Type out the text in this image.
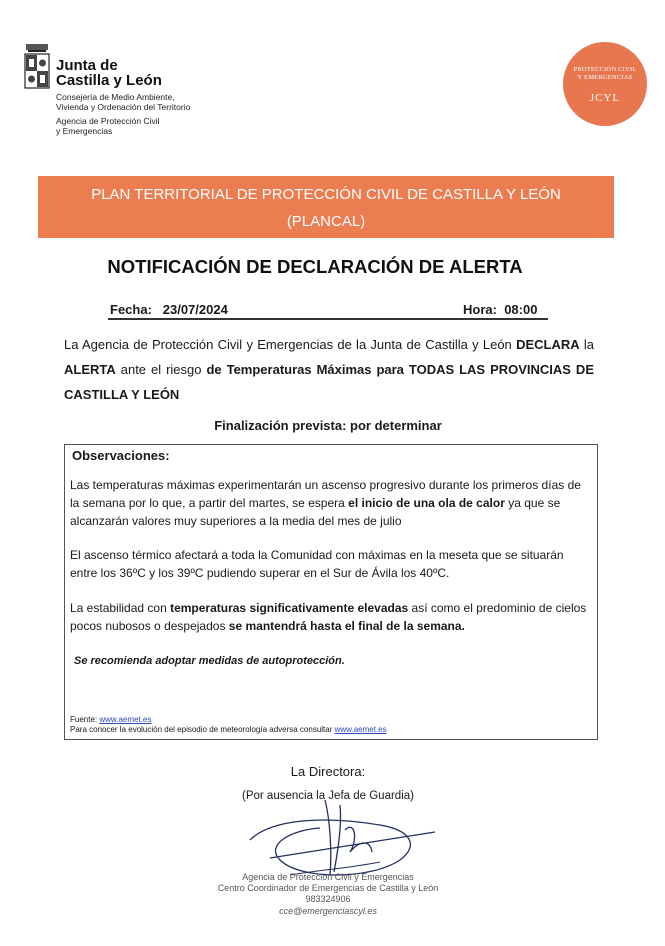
Junta de
Castilla y León
Consejería de Medio Ambiente,
Vivienda y Ordenación del Territorio
Agencia de Protección Civil
y Emergencias
PROTECCIÓN CIVIL
Y EMERGENCIAS
JCYL
PLAN TERRITORIAL DE PROTECCIÓN CIVIL DE CASTILLA Y LEÓN
(PLANCAL)
NOTIFICACIÓN DE DECLARACIÓN DE ALERTA
Fecha: 23/07/2024	Hora: 08:00
La Agencia de Protección Civil y Emergencias de la Junta de Castilla y León DECLARA la ALERTA ante el riesgo de Temperaturas Máximas para TODAS LAS PROVINCIAS DE CASTILLA Y LEÓN
Finalización prevista: por determinar
Observaciones:
Las temperaturas máximas experimentarán un ascenso progresivo durante los primeros días de la semana por lo que, a partir del martes, se espera el inicio de una ola de calor ya que se alcanzarán valores muy superiores a la media del mes de julio
El ascenso térmico afectará a toda la Comunidad con máximas en la meseta que se situarán entre los 36ºC y los 39ºC pudiendo superar en el Sur de Ávila los 40ºC.
La estabilidad con temperaturas significativamente elevadas así como el predominio de cielos pocos nubosos o despejados se mantendrá hasta el final de la semana.
Se recomienda adoptar medidas de autoprotección.
Fuente: www.aemet.es
Para conocer la evolución del episodio de meteorología adversa consultar www.aemet.es
La Directora:
(Por ausencia la Jefa de Guardia)
Agencia de Protección Civil y Emergencias
Centro Coordinador de Emergencias de Castilla y León
983324906
cce@emergenciascyl.es
